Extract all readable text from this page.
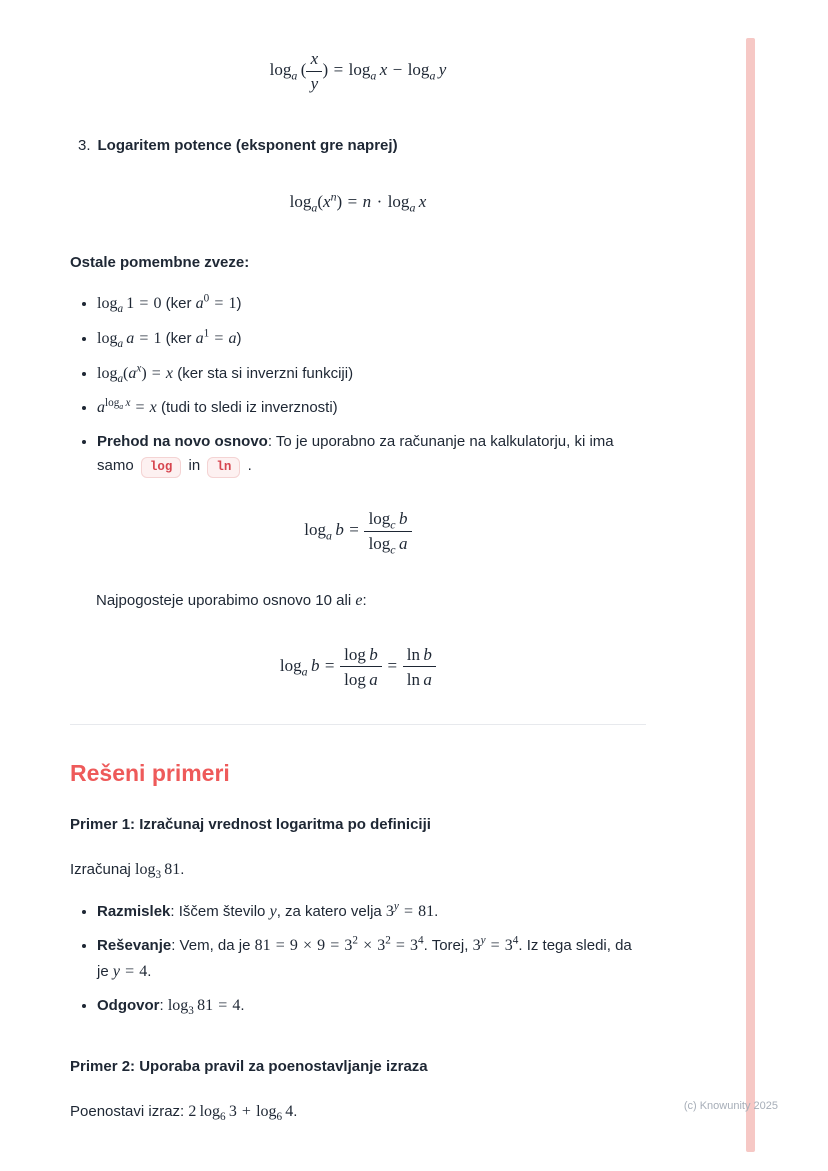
$\log_a$ ( $\frac{x}{y}$ ) = $\log_a x - \log_a y$
3. Logaritem potence (eksponent gre naprej)
$\log_a(x^n) = n \cdot \log_a x$

Ostale pomembne zveze:

• $\log_a 1 = 0$ (ker $a^0 = 1$)
• $\log_a a = 1$ (ker $a^1 = a$)
• $\log_a(a^x) = x$ (ker sta si inverzni funkciji)
• $a^{log_a x} = x$ (tudi to sledi iz inverznosti)
• Prehod na novo osnovo: To je uporabno za računanje na kalkulatorju, ki ima samo log in ln .
$\log_a b = \frac{\log_c b}{\log_c a}$

Najpogosteje uporabimo osnovo 10 ali e:

$\log_a b = \frac{\text{log b}}{\text{log a}} = \frac{\text{ln b}}{\text{ln a}}$
Rešeni primeri

Primer 1: Izračunaj vrednost logaritma po definiciji

Izračunaj $\log_3 81$.

• Razmislek: Iščem število y, za katero velja $3^y = 81$.
• Reševanje: Vem, da je $81 = 9 \times 9 = 3^2 \times 3^2 = 3^4$. Torej, $3^y = 3^4$. Iz tega sledi, da je y = 4.
• Odgovor: $\log_3 81 = 4$.

Primer 2: Uporaba pravil za poenostavljanje izraza

Poenostavi izraz: 2 $\log_6 3 + \log_6 4$.	(c) Knowunity 2025
